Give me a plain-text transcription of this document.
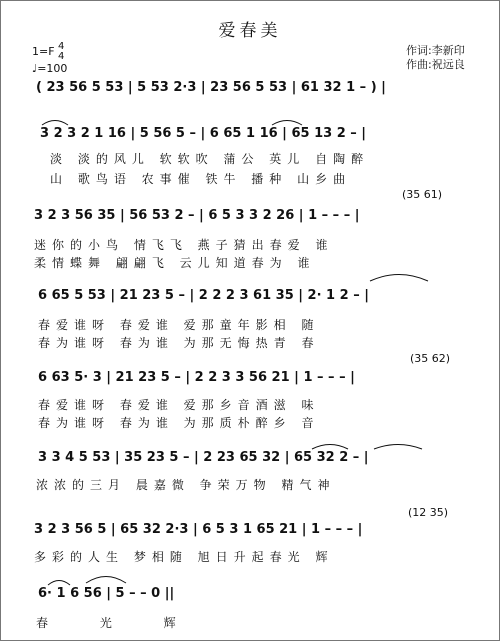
爱春美
1=F 4
4
♩=100
作词:李新印
作曲:祝远良
( 23 56 5 53 | 5 53 2·3 | 23 56 5 53 | 61 32 1 – ) |
3 2 3 2 1 16 | 5 56 5 – | 6 65 1 16 | 65 13 2 – |
淡 淡的风儿 软软吹 蒲公 英儿 自陶醉
山 歌鸟语 农事催 铁牛 播种 山乡曲
(35 61)
3 2 3 56 35 | 56 53 2 – | 6 5 3 3 2 26 | 1 – – – |
迷你的小鸟 情飞飞 燕子猜出春爱 谁
柔情蝶舞 翩翩飞 云儿知道春为 谁
6 65 5 53 | 21 23 5 – | 2 2 2 3 61 35 | 2· 1 2 – |
春爱谁呀 春爱谁 爱那童年影相 随
春为谁呀 春为谁 为那无悔热青 春
(35 62)
6 63 5· 3 | 21 23 5 – | 2 2 3 3 56 21 | 1 – – – |
春爱谁呀 春爱谁 爱那乡音酒滋 味
春为谁呀 春为谁 为那质朴醉乡 音
3 3 4 5 53 | 35 23 5 – | 2 23 65 32 | 65 32 2 – |
浓浓的三月 晨嘉微 争荣万物 精气神
(12 35)
3 2 3 56 5 | 65 32 2·3 | 6 5 3 1 65 21 | 1 – – – |
多彩的人生 梦相随 旭日升起春光 辉
6· 1 6 56 | 5 – – 0 ||
春 光 辉
